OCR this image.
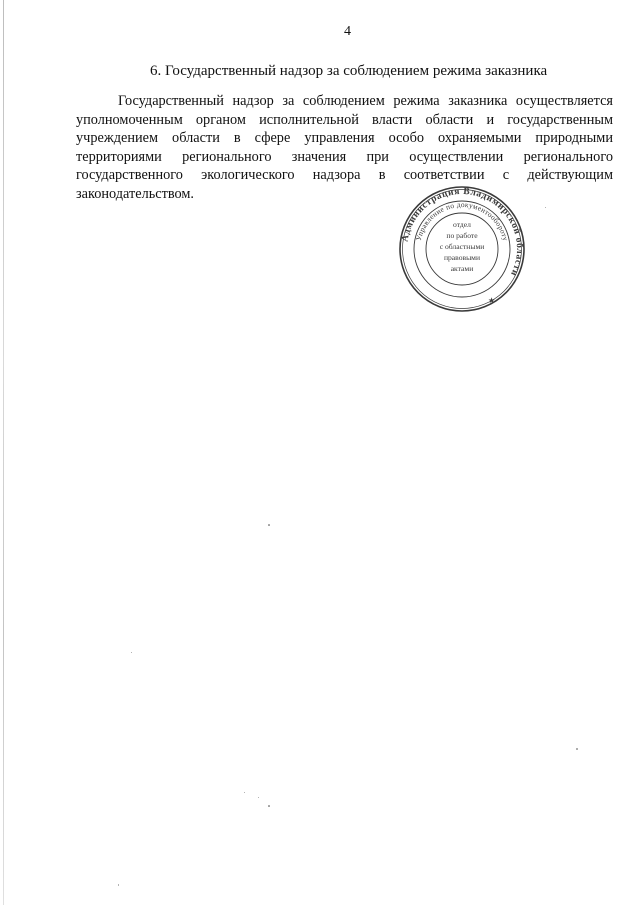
4
6. Государственный надзор за соблюдением режима заказника

Государственный надзор за соблюдением режима заказника осуществляется уполномоченным органом исполнительной власти области и государственным учреждением области в сфере управления особо охраняемыми природными территориями регионального значения при осуществлении регионального государственного экологического надзора в соответствии с действующим законодательством.

Администрация Владимирской области
Управление по документообороту
★
отдел
по работе
с областными
правовыми
актами
